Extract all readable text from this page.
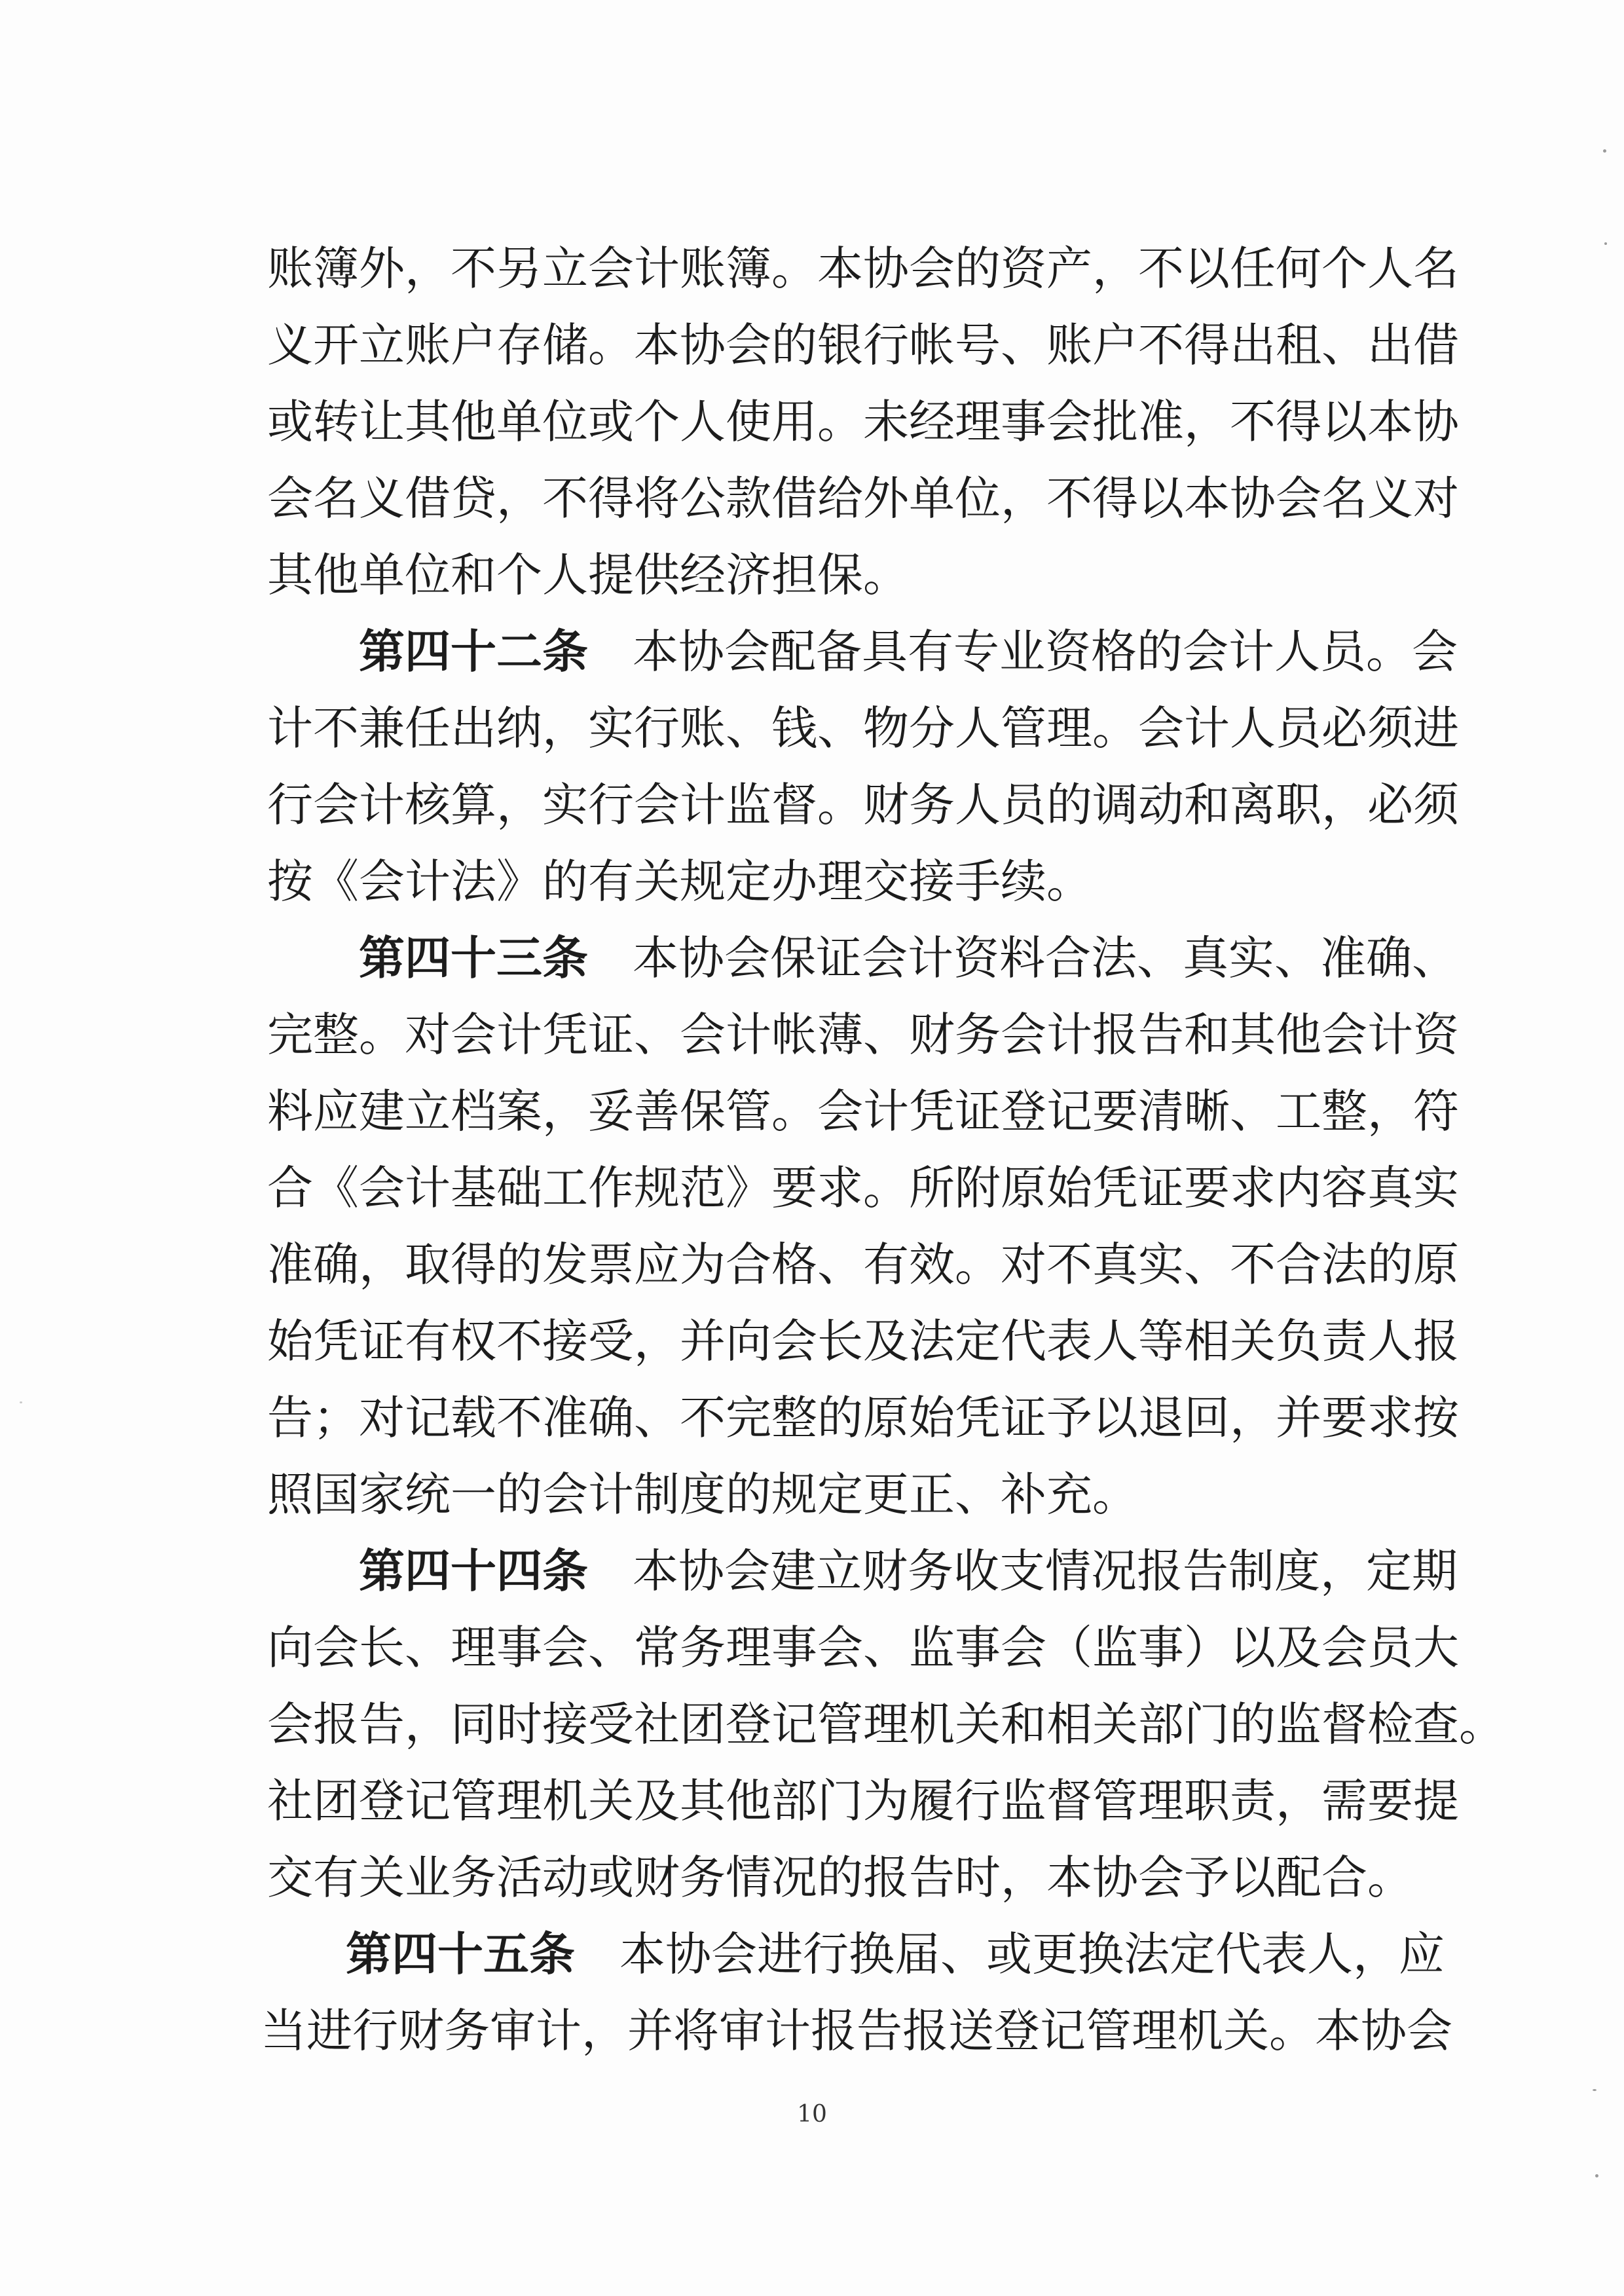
账簿外，不另立会计账簿。本协会的资产，不以任何个人名
义开立账户存储。本协会的银行帐号、账户不得出租、出借
或转让其他单位或个人使用。未经理事会批准，不得以本协
会名义借贷，不得将公款借给外单位，不得以本协会名义对
其他单位和个人提供经济担保。
第四十二条 本协会配备具有专业资格的会计人员。会
计不兼任出纳，实行账、钱、物分人管理。会计人员必须进
行会计核算，实行会计监督。财务人员的调动和离职，必须
按《会计法》的有关规定办理交接手续。
第四十三条 本协会保证会计资料合法、真实、准确、
完整。对会计凭证、会计帐薄、财务会计报告和其他会计资
料应建立档案，妥善保管。会计凭证登记要清晰、工整，符
合《会计基础工作规范》要求。所附原始凭证要求内容真实
准确，取得的发票应为合格、有效。对不真实、不合法的原
始凭证有权不接受，并向会长及法定代表人等相关负责人报
告；对记载不准确、不完整的原始凭证予以退回，并要求按
照国家统一的会计制度的规定更正、补充。
第四十四条 本协会建立财务收支情况报告制度，定期
向会长、理事会、常务理事会、监事会（监事）以及会员大
会报告，同时接受社团登记管理机关和相关部门的监督检查。
社团登记管理机关及其他部门为履行监督管理职责，需要提
交有关业务活动或财务情况的报告时，本协会予以配合。
第四十五条 本协会进行换届、或更换法定代表人，应
当进行财务审计，并将审计报告报送登记管理机关。本协会
10
